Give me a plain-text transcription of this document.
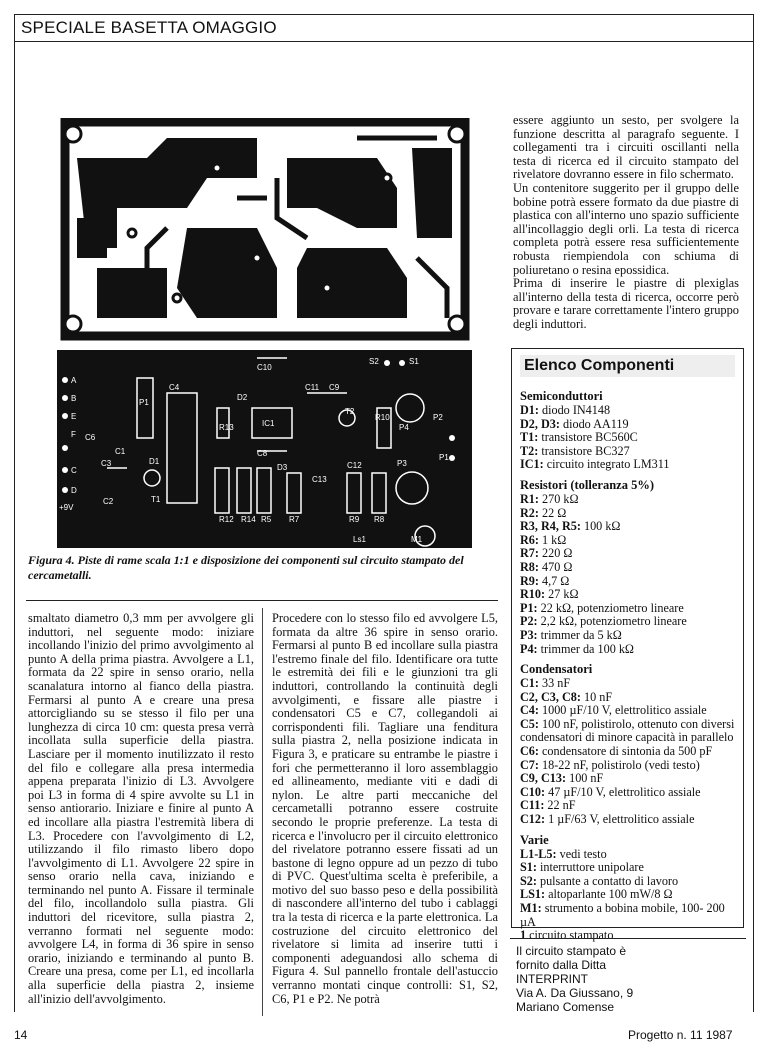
SPECIALE BASETTA OMAGGIO
C10
C4
P1
D2
R13	IC1
C11 C9
R10
P4
P2
T2
S2	S1
C8
C6
C1
C3	D1
T1
C2
C12	P3
P1
R12 R14 R5
D3
R7
C13
R9 R8
Ls1	M1
A
B
E
F
C
D
+9V
Figura 4. Piste di rame scala 1:1 e disposizione dei componenti sul circuito stampato del cercametalli.

smaltato diametro 0,3 mm per avvolgere gli induttori, nel seguente modo: iniziare incollando l'inizio del primo avvolgimento al punto A della prima piastra. Avvolgere a L1, formata da 22 spire in senso orario, nella scanalatura intorno al fianco della piastra. Fermarsi al punto A e creare una presa attorcigliando su se stesso il filo per una lunghezza di circa 10 cm: questa presa verrà incollata sulla superficie della piastra. Lasciare per il momento inutilizzato il resto del filo e collegare alla presa intermedia appena preparata l'inizio di L3. Avvolgere poi L3 in forma di 4 spire avvolte su L1 in senso antiorario. Iniziare e finire al punto A ed incollare alla piastra l'estremità libera di L3. Procedere con l'avvolgimento di L2, utilizzando il filo rimasto libero dopo l'avvolgimento di L1. Avvolgere 22 spire in senso orario nella cava, iniziando e terminando nel punto A. Fissare il terminale del filo, incollandolo sulla piastra. Gli induttori del ricevitore, sulla piastra 2, verranno formati nel seguente modo: avvolgere L4, in forma di 36 spire in senso orario, iniziando e terminando al punto B. Creare una presa, come per L1, ed incollarla alla superficie della piastra 2, insieme all'inizio dell'avvolgimento.

Procedere con lo stesso filo ed avvolgere L5, formata da altre 36 spire in senso orario. Fermarsi al punto B ed incollare sulla piastra l'estremo finale del filo. Identificare ora tutte le estremità dei fili e le giunzioni tra gli induttori, controllando la continuità degli avvolgimenti, e fissare alle piastre i condensatori C5 e C7, collegandoli ai corrispondenti fili. Tagliare una fenditura sulla piastra 2, nella posizione indicata in Figura 3, e praticare su entrambe le piastre i fori che permetteranno il loro assemblaggio ed allineamento, mediante viti e dadi di nylon. Le altre parti meccaniche del cercametalli potranno essere costruite secondo le proprie preferenze. La testa di ricerca e l'involucro per il circuito elettronico del rivelatore potranno essere fissati ad un bastone di legno oppure ad un pezzo di tubo di PVC. Quest'ultima scelta è preferibile, a motivo del suo basso peso e della possibilità di nascondere all'interno del tubo i cablaggi tra la testa di ricerca e la parte elettronica. La costruzione del circuito elettronico del rivelatore si limita ad inserire tutti i componenti adeguandosi allo schema di Figura 4. Sul pannello frontale dell'astuccio verranno montati cinque controlli: S1, S2, C6, P1 e P2. Ne potrà

essere aggiunto un sesto, per svolgere la funzione descritta al paragrafo seguente. I collegamenti tra i circuiti oscillanti nella testa di ricerca ed il circuito stampato del rivelatore dovranno essere in filo schermato.

Un contenitore suggerito per il gruppo delle bobine potrà essere formato da due piastre di plastica con all'interno uno spazio sufficiente all'incollaggio degli orli. La testa di ricerca completa potrà essere resa sufficientemente robusta riempiendola con schiuma di poliuretano o resina epossidica.

Prima di inserire le piastre di plexiglas all'interno della testa di ricerca, occorre però provare e tarare correttamente l'intero gruppo degli induttori.

Elenco Componenti
Semiconduttori
D1: diodo IN4148
D2, D3: diodo AA119
T1: transistore BC560C
T2: transistore BC327
IC1: circuito integrato LM311
Resistori (tolleranza 5%)
R1: 270 kΩ
R2: 22 Ω
R3, R4, R5: 100 kΩ
R6: 1 kΩ
R7: 220 Ω
R8: 470 Ω
R9: 4,7 Ω
R10: 27 kΩ
P1: 22 kΩ, potenziometro lineare
P2: 2,2 kΩ, potenziometro lineare
P3: trimmer da 5 kΩ
P4: trimmer da 100 kΩ
Condensatori
C1: 33 nF
C2, C3, C8: 10 nF
C4: 1000 µF/10 V, elettrolitico assiale
C5: 100 nF, polistirolo, ottenuto con diversi condensatori di minore capacità in parallelo
C6: condensatore di sintonia da 500 pF
C7: 18-22 nF, polistirolo (vedi testo)
C9, C13: 100 nF
C10: 47 µF/10 V, elettrolitico assiale
C11: 22 nF
C12: 1 µF/63 V, elettrolitico assiale
Varie
L1-L5: vedi testo
S1: interruttore unipolare
S2: pulsante a contatto di lavoro
LS1: altoparlante 100 mW/8 Ω
M1: strumento a bobina mobile, 100- 200 µA
1 circuito stampato
Il circuito stampato è
fornito dalla Ditta
INTERPRINT
Via A. Da Giussano, 9
Mariano Comense
14	Progetto n. 11 1987
